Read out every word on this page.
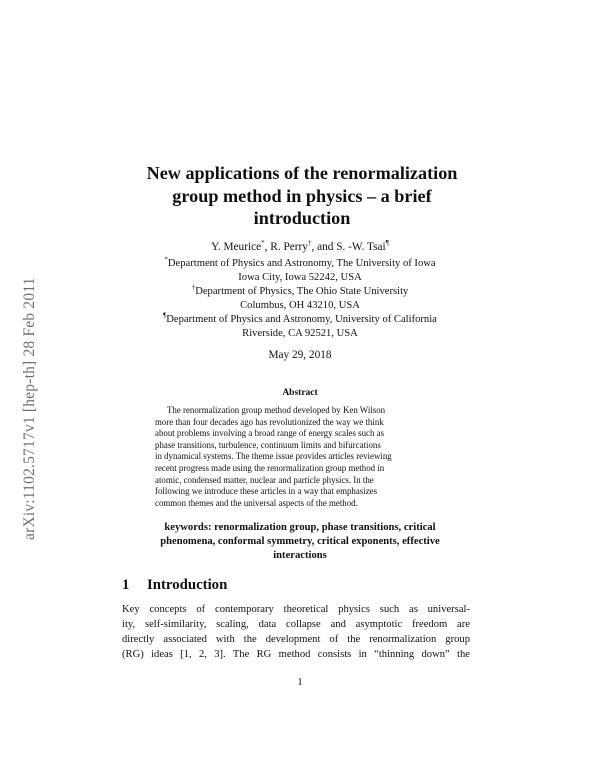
arXiv:1102.5717v1 [hep-th] 28 Feb 2011
New applications of the renormalization
group method in physics – a brief
introduction
Y. Meurice*, R. Perry†, and S. -W. Tsai¶
*Department of Physics and Astronomy, The University of Iowa
Iowa City, Iowa 52242, USA
†Department of Physics, The Ohio State University
Columbus, OH 43210, USA
¶Department of Physics and Astronomy, University of California
Riverside, CA 92521, USA
May 29, 2018
Abstract
The renormalization group method developed by Ken Wilson
more than four decades ago has revolutionized the way we think
about problems involving a broad range of energy scales such as
phase transitions, turbulence, continuum limits and bifurcations
in dynamical systems. The theme issue provides articles reviewing
recent progress made using the renormalization group method in
atomic, condensed matter, nuclear and particle physics. In the
following we introduce these articles in a way that emphasizes
common themes and the universal aspects of the method.
keywords: renormalization group, phase transitions, critical
phenomena, conformal symmetry, critical exponents, effective
interactions
1 Introduction
Key concepts of contemporary theoretical physics such as universal-
ity, self-similarity, scaling, data collapse and asymptotic freedom are
directly associated with the development of the renormalization group
(RG) ideas [1, 2, 3]. The RG method consists in “thinning down” the
1
